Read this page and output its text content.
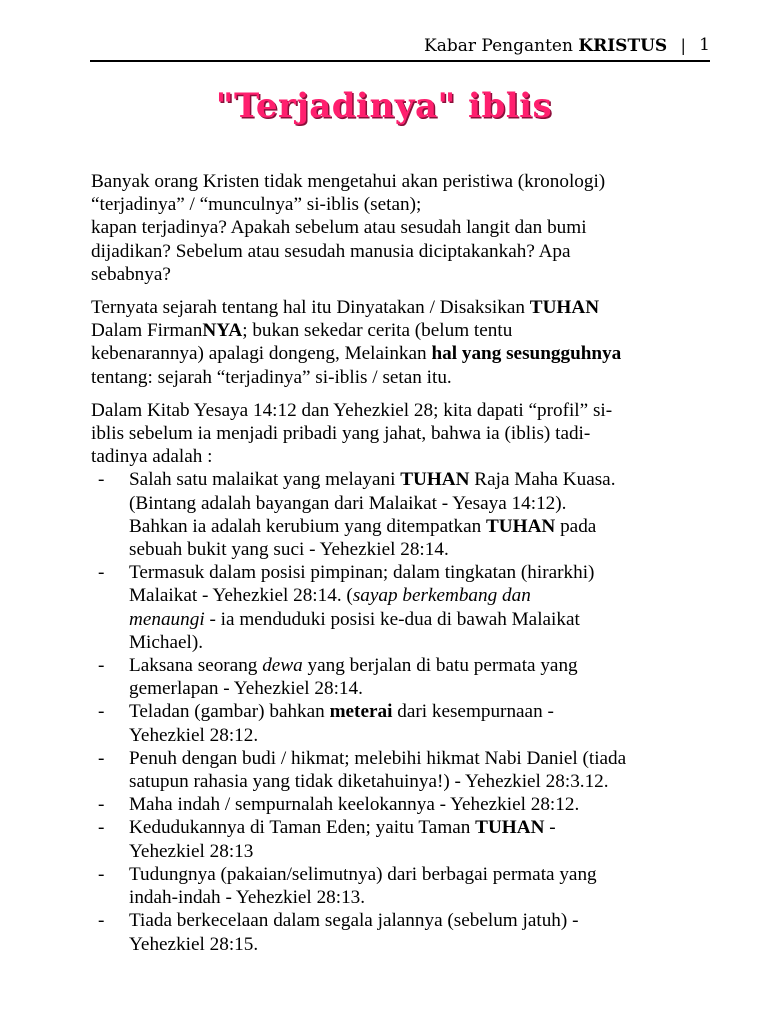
Kabar Penganten KRISTUS | 1
"Terjadinya" iblis

Banyak orang Kristen tidak mengetahui akan peristiwa (kronologi)
“terjadinya” / “munculnya” si-iblis (setan);
kapan terjadinya? Apakah sebelum atau sesudah langit dan bumi
dijadikan? Sebelum atau sesudah manusia diciptakankah? Apa
sebabnya?

Ternyata sejarah tentang hal itu Dinyatakan / Disaksikan TUHAN
Dalam FirmanNYA; bukan sekedar cerita (belum tentu
kebenarannya) apalagi dongeng, Melainkan hal yang sesungguhnya
tentang: sejarah “terjadinya” si-iblis / setan itu.

Dalam Kitab Yesaya 14:12 dan Yehezkiel 28; kita dapati “profil” si-
iblis sebelum ia menjadi pribadi yang jahat, bahwa ia (iblis) tadi-
tadinya adalah :

- Salah satu malaikat yang melayani TUHAN Raja Maha Kuasa.
(Bintang adalah bayangan dari Malaikat - Yesaya 14:12).
Bahkan ia adalah kerubium yang ditempatkan TUHAN pada
sebuah bukit yang suci - Yehezkiel 28:14.
- Termasuk dalam posisi pimpinan; dalam tingkatan (hirarkhi)
Malaikat - Yehezkiel 28:14. (sayap berkembang dan
menaungi - ia menduduki posisi ke-dua di bawah Malaikat
Michael).
- Laksana seorang dewa yang berjalan di batu permata yang
gemerlapan - Yehezkiel 28:14.
- Teladan (gambar) bahkan meterai dari kesempurnaan -
Yehezkiel 28:12.
- Penuh dengan budi / hikmat; melebihi hikmat Nabi Daniel (tiada
satupun rahasia yang tidak diketahuinya!) - Yehezkiel 28:3.12.
- Maha indah / sempurnalah keelokannya - Yehezkiel 28:12.
- Kedudukannya di Taman Eden; yaitu Taman TUHAN -
Yehezkiel 28:13
- Tudungnya (pakaian/selimutnya) dari berbagai permata yang
indah-indah - Yehezkiel 28:13.
- Tiada berkecelaan dalam segala jalannya (sebelum jatuh) -
Yehezkiel 28:15.
